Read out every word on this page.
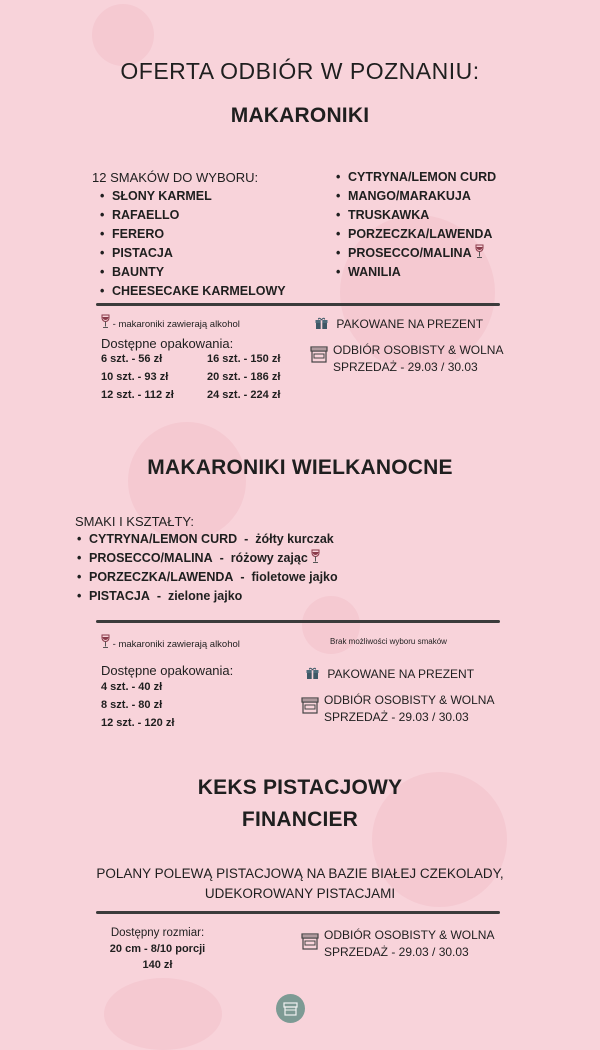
OFERTA ODBIÓR W POZNANIU:
MAKARONIKI
12 SMAKÓW DO WYBORU:
• SŁONY KARMEL
• RAFAELLO
• FERERO
• PISTACJA
• BAUNTY
• CHEESECAKE KARMELOWY
• CYTRYNA/LEMON CURD
• MANGO/MARAKUJA
• TRUSKAWKA
• PORZECZKA/LAWENDA
• PROSECCO/MALINA
• WANILIA
- makaroniki zawierają alkohol
Dostępne opakowania:
6 szt. - 56 zł
10 szt. - 93 zł
12 szt. - 112 zł
16 szt. - 150 zł
20 szt. - 186 zł
24 szt. - 224 zł
PAKOWANE NA PREZENT
ODBIÓR OSOBISTY & WOLNA
SPRZEDAŻ - 29.03 / 30.03
MAKARONIKI WIELKANOCNE
SMAKI I KSZTAŁTY:
• CYTRYNA/LEMON CURD  -  żółty kurczak
• PROSECCO/MALINA  -  różowy zając
• PORZECZKA/LAWENDA  -  fioletowe jajko
• PISTACJA  -  zielone jajko
- makaroniki zawierają alkohol	Brak możliwości wyboru smaków
Dostępne opakowania:
4 szt. - 40 zł
8 szt. - 80 zł
12 szt. - 120 zł
PAKOWANE NA PREZENT
ODBIÓR OSOBISTY & WOLNA
SPRZEDAŻ - 29.03 / 30.03
KEKS PISTACJOWY
FINANCIER
POLANY POLEWĄ PISTACJOWĄ NA BAZIE BIAŁEJ CZEKOLADY,
UDEKOROWANY PISTACJAMI
Dostępny rozmiar:
20 cm - 8/10 porcji
140 zł
ODBIÓR OSOBISTY & WOLNA
SPRZEDAŻ - 29.03 / 30.03
